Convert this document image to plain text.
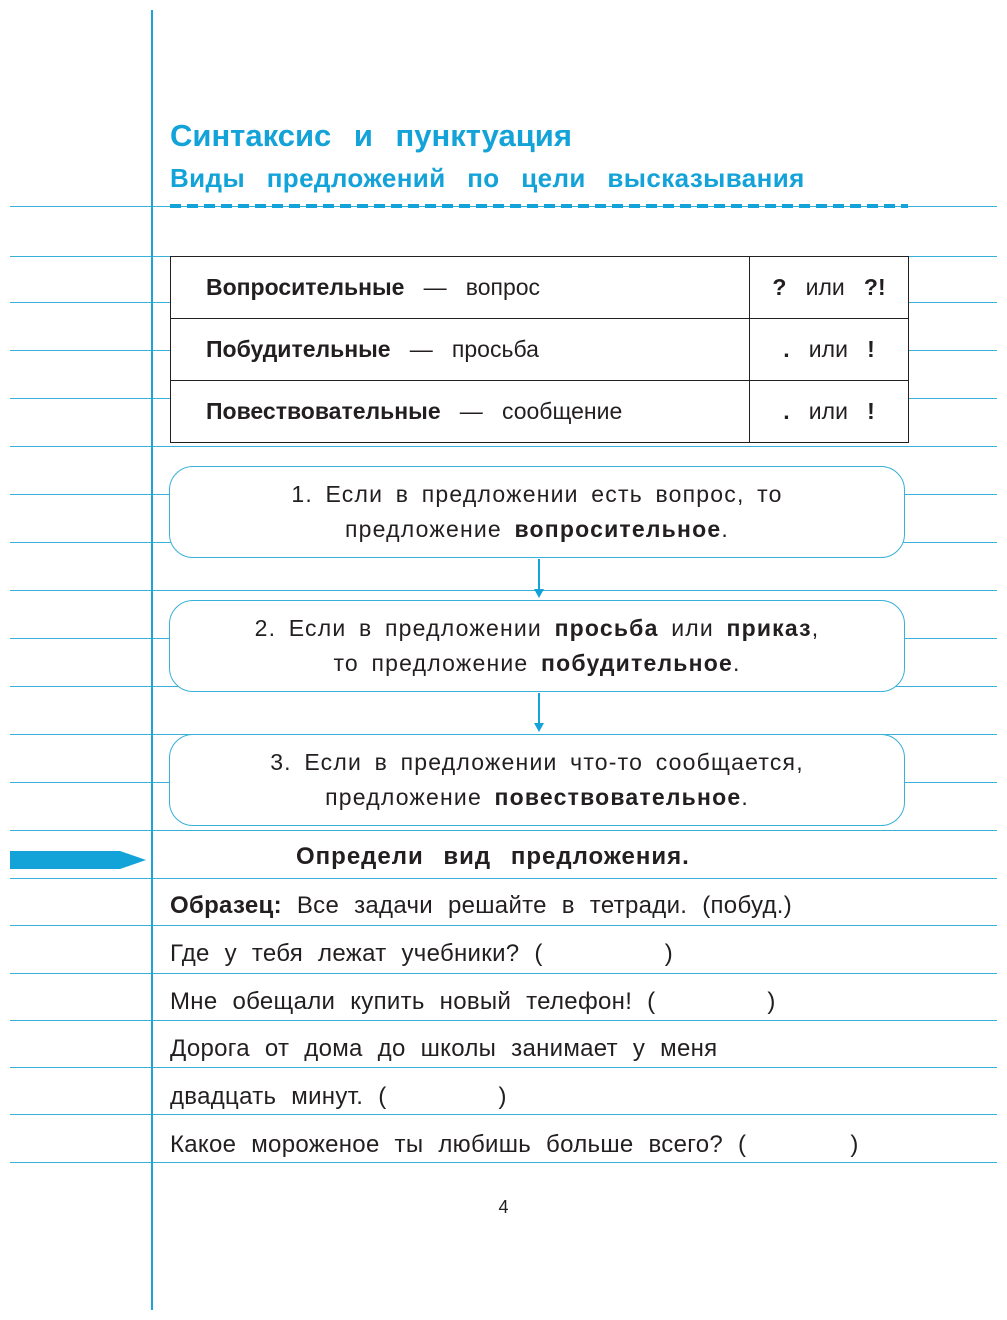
Синтаксис и пунктуация
Виды предложений по цели высказывания
Вопросительные — вопрос	? или ?!
Побудительные — просьба	. или !
Повествовательные — сообщение	. или !
1. Если в предложении есть вопрос, то
предложение вопросительное.
2. Если в предложении просьба или приказ,
то предложение побудительное.
3. Если в предложении что-то сообщается,
предложение повествовательное.
Определи вид предложения.
Образец: Все задачи решайте в тетради. (побуд.)
Где у тебя лежат учебники? (	)
Мне обещали купить новый телефон! (	)
Дорога от дома до школы занимает у меня
двадцать минут. (	)
Какое мороженое ты любишь больше всего? (	)
4
